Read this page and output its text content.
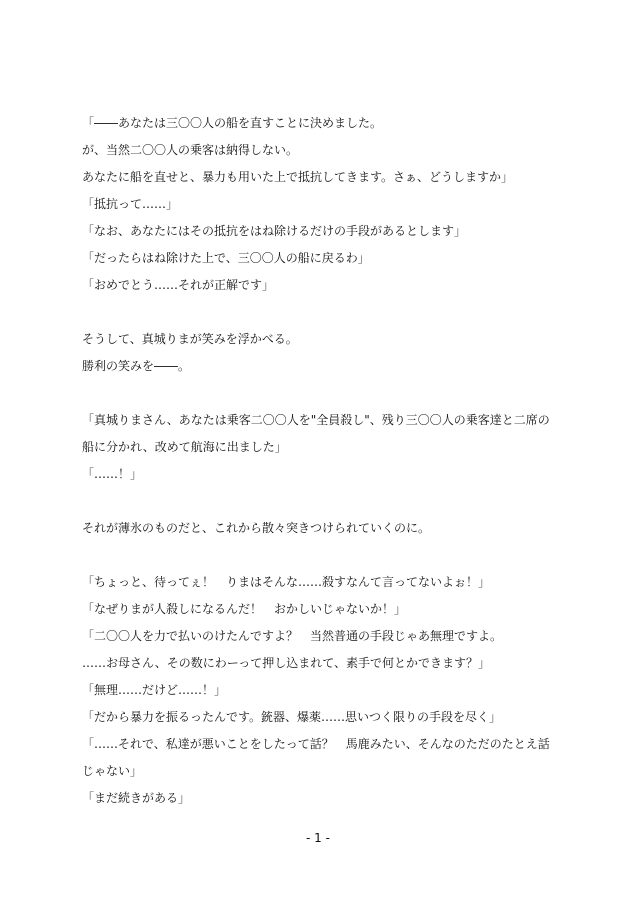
「――あなたは三〇〇人の船を直すことに決めました。
が、当然二〇〇人の乗客は納得しない。
あなたに船を直せと、暴力も用いた上で抵抗してきます。さぁ、どうしますか」
「抵抗って……」
「なお、あなたにはその抵抗をはね除けるだけの手段があるとします」
「だったらはね除けた上で、三〇〇人の船に戻るわ」
「おめでとう……それが正解です」
そうして、真城りまが笑みを浮かべる。
勝利の笑みを――。
「真城りまさん、あなたは乗客二〇〇人を"全員殺し"、残り三〇〇人の乗客達と二席の
船に分かれ、改めて航海に出ました」
「……！」
それが薄氷のものだと、これから散々突きつけられていくのに。
「ちょっと、待ってぇ！　りまはそんな……殺すなんて言ってないよぉ！」
「なぜりまが人殺しになるんだ！　おかしいじゃないか！」
「二〇〇人を力で払いのけたんですよ？　当然普通の手段じゃあ無理ですよ。
……お母さん、その数にわーって押し込まれて、素手で何とかできます？」
「無理……だけど……！」
「だから暴力を振るったんです。銃器、爆薬……思いつく限りの手段を尽く」
「……それで、私達が悪いことをしたって話？　馬鹿みたい、そんなのただのたとえ話
じゃない」
「まだ続きがある」
- 1 -
